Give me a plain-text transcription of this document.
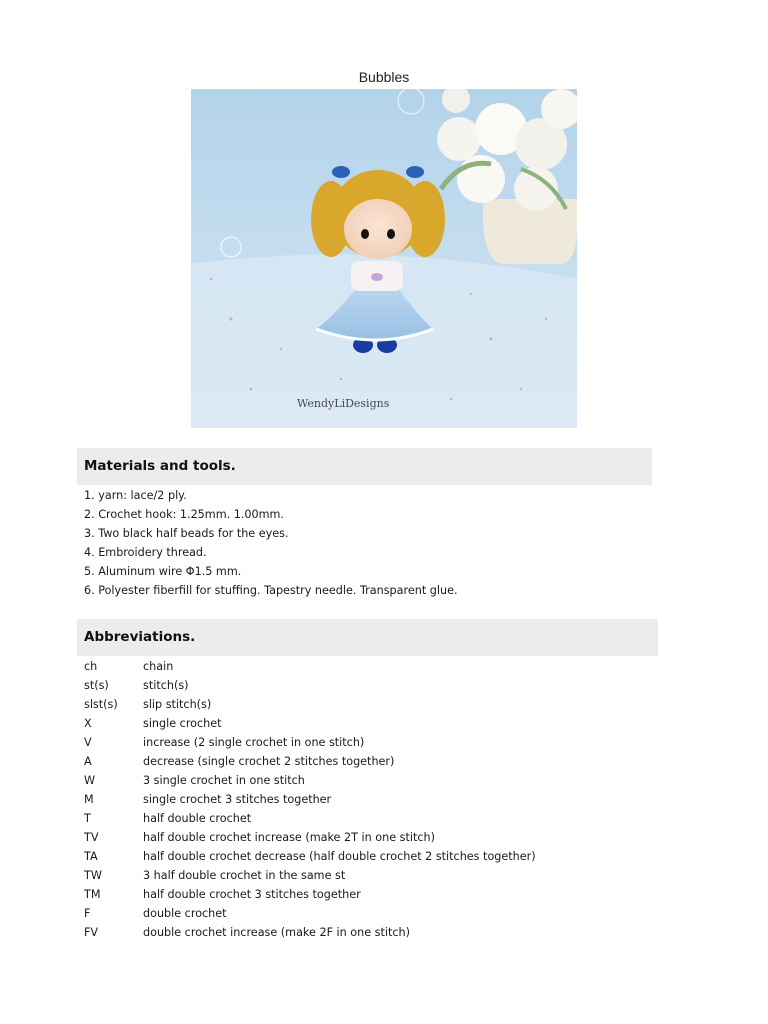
Bubbles
WendyLiDesigns
Materials and tools.
1. yarn: lace/2 ply.
2. Crochet hook: 1.25mm. 1.00mm.
3. Two black half beads for the eyes.
4. Embroidery thread.
5. Aluminum wire Φ1.5 mm.
6. Polyester fiberfill for stuffing. Tapestry needle. Transparent glue.
Abbreviations.
ch	chain
st(s)	stitch(s)
slst(s) slip stitch(s)
X	single crochet
V	increase (2 single crochet in one stitch)
A	decrease (single crochet 2 stitches together)
W	3 single crochet in one stitch
M	single crochet 3 stitches together
T	half double crochet
TV	half double crochet increase (make 2T in one stitch)
TA	half double crochet decrease (half double crochet 2 stitches together)
TW	3 half double crochet in the same st
TM	half double crochet 3 stitches together
F	double crochet
FV	double crochet increase (make 2F in one stitch)
